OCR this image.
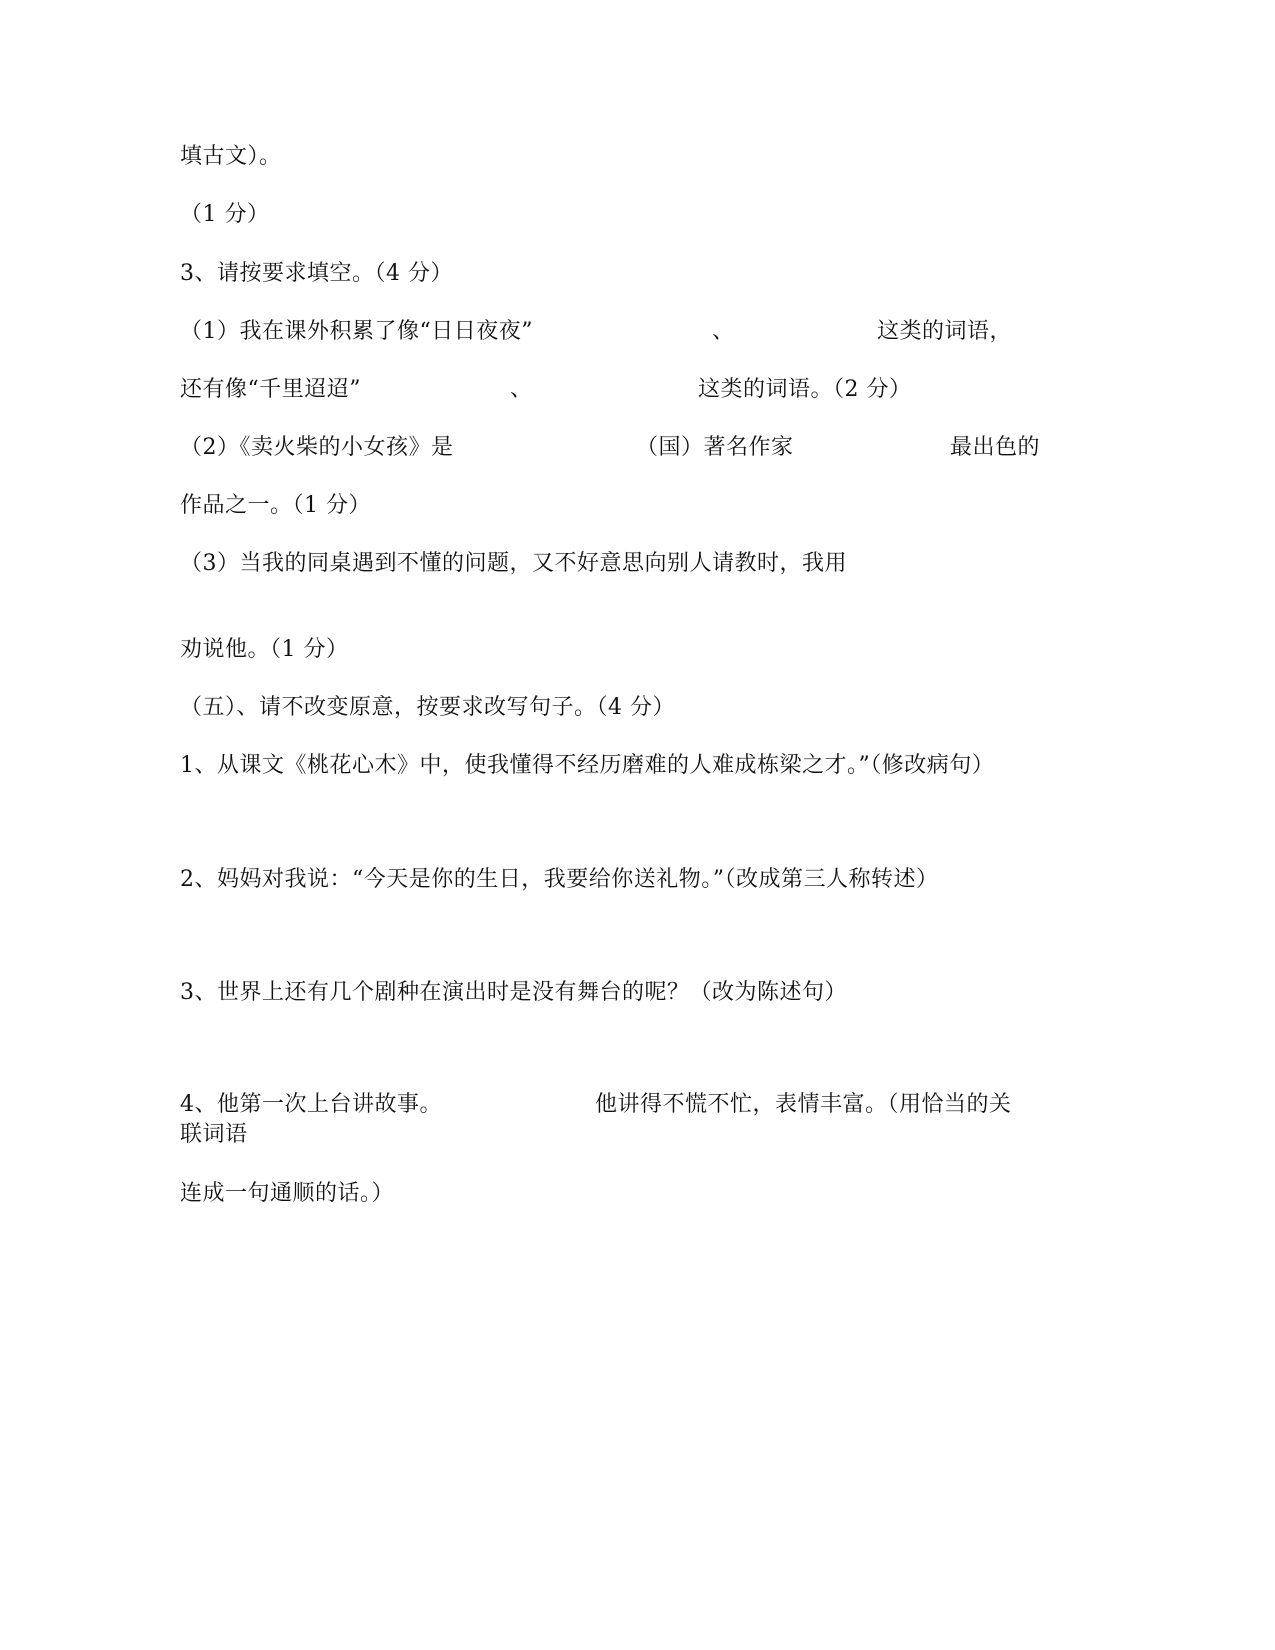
填古文）。
（1 分）
3、请按要求填空。（4 分）
（1）我在课外积累了像“日日夜夜”	、	这类的词语，
还有像“千里迢迢”	、	这类的词语。（2 分）
（2）《卖火柴的小女孩》是	（国）著名作家	最出色的
作品之一。（1 分）
（3）当我的同桌遇到不懂的问题，又不好意思向别人请教时，我用
劝说他。（1 分）
（五）、请不改变原意，按要求改写句子。（4 分）
1、从课文《桃花心木》中，使我懂得不经历磨难的人难成栋梁之才。”（修改病句）
2、妈妈对我说：“今天是你的生日，我要给你送礼物。”（改成第三人称转述）
3、世界上还有几个剧种在演出时是没有舞台的呢？（改为陈述句）
4、他第一次上台讲故事。	他讲得不慌不忙，表情丰富。（用恰当的关
联词语
连成一句通顺的话。）
